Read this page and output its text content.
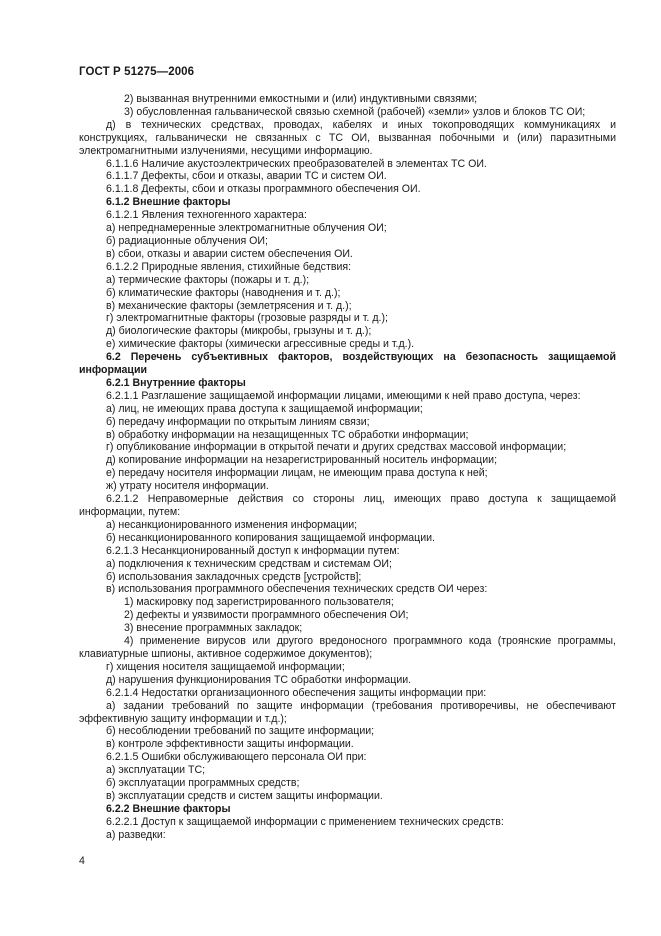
ГОСТ Р 51275—2006

2) вызванная внутренними емкостными и (или) индуктивными связями;

3) обусловленная гальванической связью схемной (рабочей) «земли» узлов и блоков ТС ОИ;

д) в технических средствах, проводах, кабелях и иных токопроводящих коммуникациях и конструкциях, гальванически не связанных с ТС ОИ, вызванная побочными и (или) паразитными электромагнитными излучениями, несущими информацию.

6.1.1.6 Наличие акустоэлектрических преобразователей в элементах ТС ОИ.

6.1.1.7 Дефекты, сбои и отказы, аварии ТС и систем ОИ.

6.1.1.8 Дефекты, сбои и отказы программного обеспечения ОИ.

6.1.2 Внешние факторы

6.1.2.1 Явления техногенного характера:

а) непреднамеренные электромагнитные облучения ОИ;

б) радиационные облучения ОИ;

в) сбои, отказы и аварии систем обеспечения ОИ.

6.1.2.2 Природные явления, стихийные бедствия:

а) термические факторы (пожары и т. д.);

б) климатические факторы (наводнения и т. д.);

в) механические факторы (землетрясения и т. д.);

г) электромагнитные факторы (грозовые разряды и т. д.);

д) биологические факторы (микробы, грызуны и т. д.);

е) химические факторы (химически агрессивные среды и т.д.).

6.2 Перечень субъективных факторов, воздействующих на безопасность защищаемой информации

6.2.1 Внутренние факторы

6.2.1.1 Разглашение защищаемой информации лицами, имеющими к ней право доступа, через:

а) лиц, не имеющих права доступа к защищаемой информации;

б) передачу информации по открытым линиям связи;

в) обработку информации на незащищенных ТС обработки информации;

г) опубликование информации в открытой печати и других средствах массовой информации;

д) копирование информации на незарегистрированный носитель информации;

е) передачу носителя информации лицам, не имеющим права доступа к ней;

ж) утрату носителя информации.

6.2.1.2 Неправомерные действия со стороны лиц, имеющих право доступа к защищаемой информации, путем:

а) несанкционированного изменения информации;

б) несанкционированного копирования защищаемой информации.

6.2.1.3 Несанкционированный доступ к информации путем:

а) подключения к техническим средствам и системам ОИ;

б) использования закладочных средств [устройств];

в) использования программного обеспечения технических средств ОИ через:

1) маскировку под зарегистрированного пользователя;

2) дефекты и уязвимости программного обеспечения ОИ;

3) внесение программных закладок;

4) применение вирусов или другого вредоносного программного кода (троянские программы, клавиатурные шпионы, активное содержимое документов);

г) хищения носителя защищаемой информации;

д) нарушения функционирования ТС обработки информации.

6.2.1.4 Недостатки организационного обеспечения защиты информации при:

а) задании требований по защите информации (требования противоречивы, не обеспечивают эффективную защиту информации и т.д.);

б) несоблюдении требований по защите информации;

в) контроле эффективности защиты информации.

6.2.1.5 Ошибки обслуживающего персонала ОИ при:

а) эксплуатации ТС;

б) эксплуатации программных средств;

в) эксплуатации средств и систем защиты информации.

6.2.2 Внешние факторы

6.2.2.1 Доступ к защищаемой информации с применением технических средств:

а) разведки:

4
